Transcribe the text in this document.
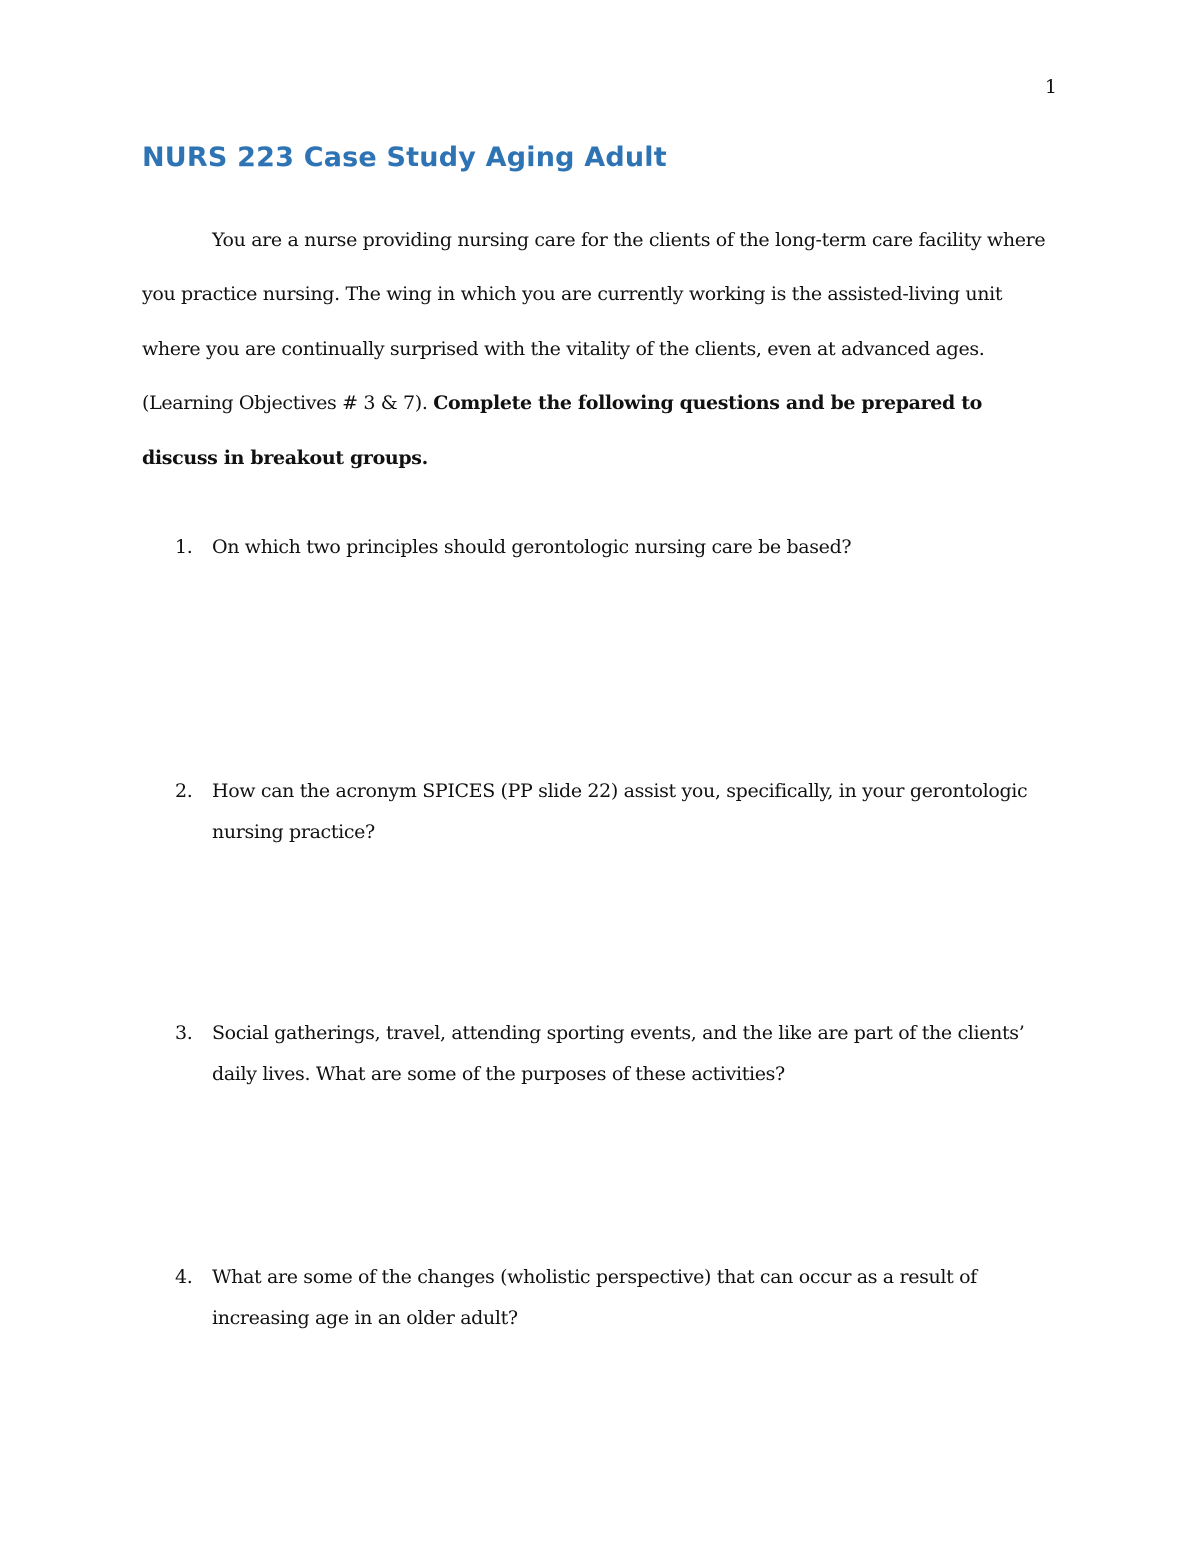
1
NURS 223 Case Study Aging Adult

You are a nurse providing nursing care for the clients of the long-term care facility where you practice nursing. The wing in which you are currently working is the assisted-living unit where you are continually surprised with the vitality of the clients, even at advanced ages. (Learning Objectives # 3 & 7). Complete the following questions and be prepared to discuss in breakout groups.

1. On which two principles should gerontologic nursing care be based?
2. How can the acronym SPICES (PP slide 22) assist you, specifically, in your gerontologic nursing practice?
3. Social gatherings, travel, attending sporting events, and the like are part of the clients’ daily lives. What are some of the purposes of these activities?
4. What are some of the changes (wholistic perspective) that can occur as a result of increasing age in an older adult?
